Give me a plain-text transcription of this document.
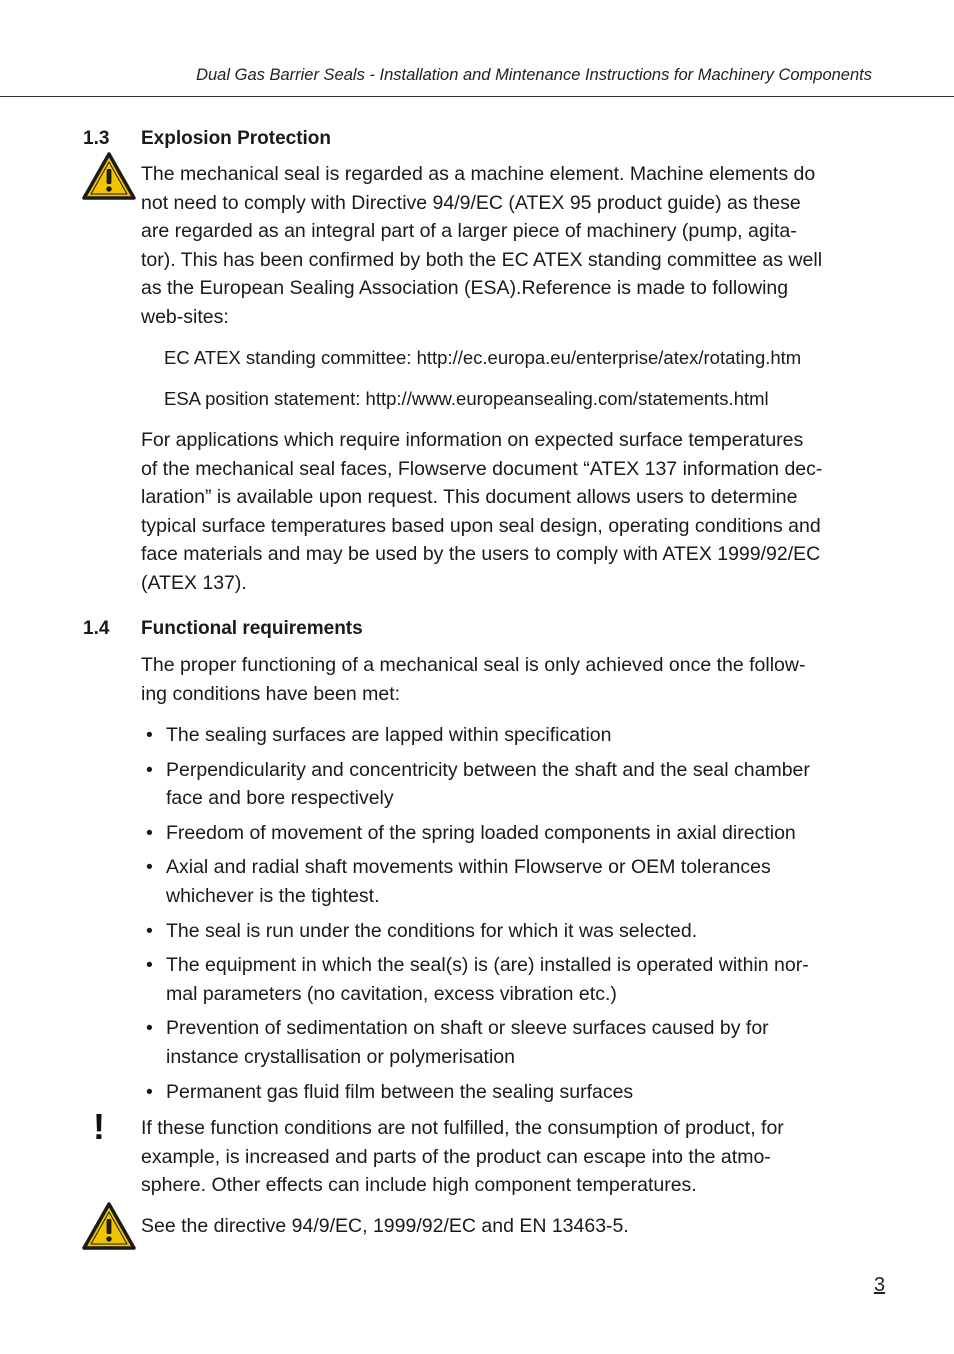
Dual Gas Barrier Seals - Installation and Mintenance Instructions for Machinery Components
1.3 Explosion Protection
The mechanical seal is regarded as a machine element. Machine elements do
not need to comply with Directive 94/9/EC (ATEX 95 product guide) as these
are regarded as an integral part of a larger piece of machinery (pump, agita-
tor). This has been confirmed by both the EC ATEX standing committee as well
as the European Sealing Association (ESA).Reference is made to following
web-sites:
EC ATEX standing committee: http://ec.europa.eu/enterprise/atex/rotating.htm
ESA position statement: http://www.europeansealing.com/statements.html
For applications which require information on expected surface temperatures
of the mechanical seal faces, Flowserve document “ATEX 137 information dec-
laration” is available upon request. This document allows users to determine
typical surface temperatures based upon seal design, operating conditions and
face materials and may be used by the users to comply with ATEX 1999/92/EC
(ATEX 137).
1.4 Functional requirements
The proper functioning of a mechanical seal is only achieved once the follow-
ing conditions have been met:
• The sealing surfaces are lapped within specification
• Perpendicularity and concentricity between the shaft and the seal chamber
face and bore respectively
• Freedom of movement of the spring loaded components in axial direction
• Axial and radial shaft movements within Flowserve or OEM tolerances
whichever is the tightest.
• The seal is run under the conditions for which it was selected.
• The equipment in which the seal(s) is (are) installed is operated within nor-
mal parameters (no cavitation, excess vibration etc.)
• Prevention of sedimentation on shaft or sleeve surfaces caused by for
instance crystallisation or polymerisation
• Permanent gas fluid film between the sealing surfaces
! If these function conditions are not fulfilled, the consumption of product, for
example, is increased and parts of the product can escape into the atmo-
sphere. Other effects can include high component temperatures.
See the directive 94/9/EC, 1999/92/EC and EN 13463-5.
3
